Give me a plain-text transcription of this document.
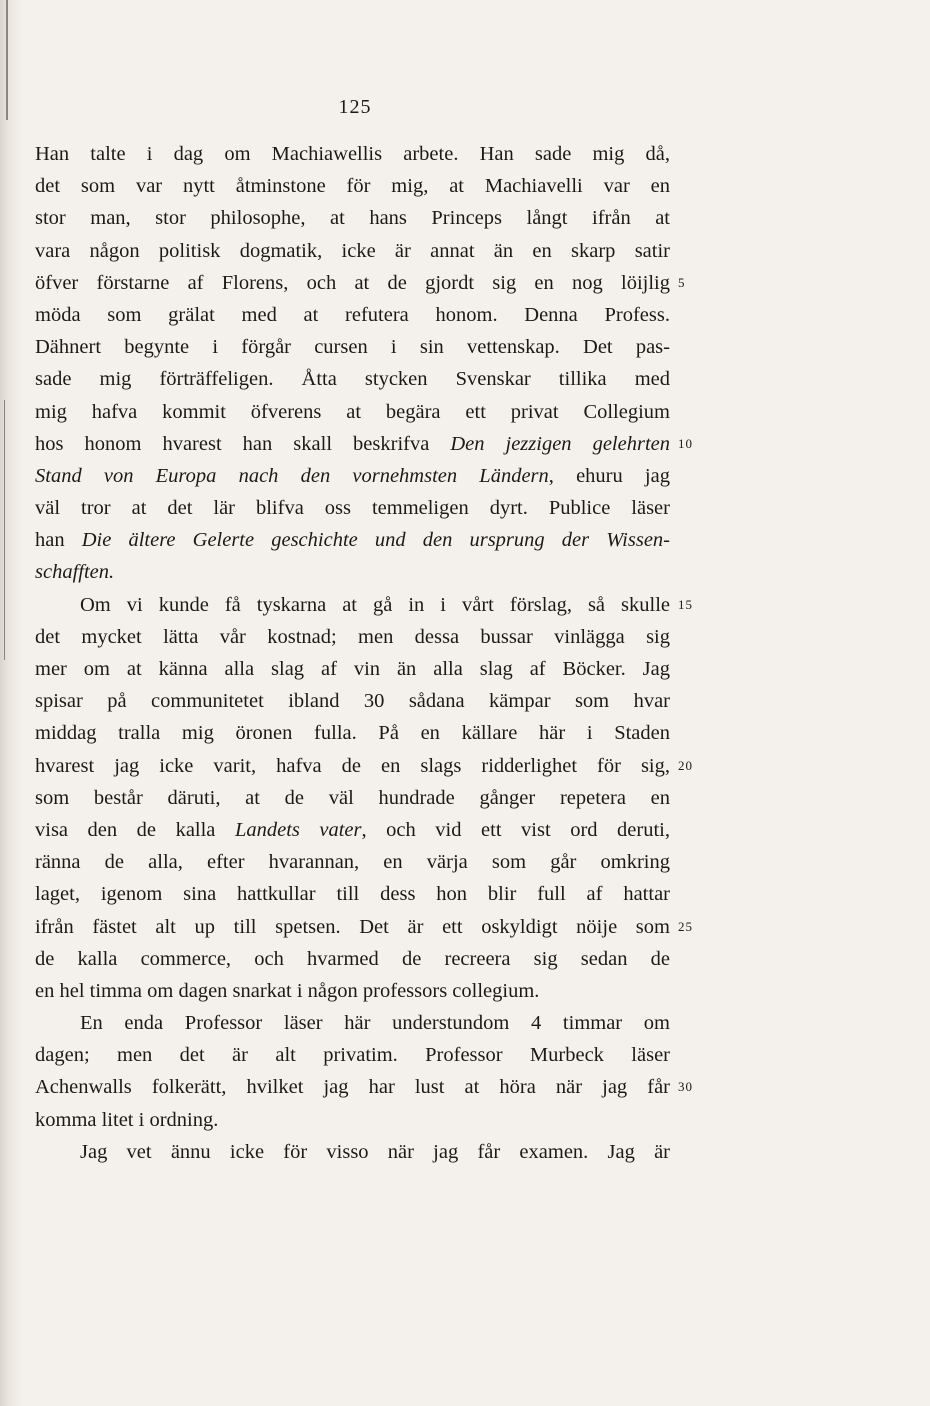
125
Han talte i dag om Machiawellis arbete. Han sade mig då,
det som var nytt åtminstone för mig, at Machiavelli var en
stor man, stor philosophe, at hans Princeps långt ifrån at
vara någon politisk dogmatik, icke är annat än en skarp satir
öfver förstarne af Florens, och at de gjordt sig en nog löijlig 5
möda som grälat med at refutera honom. Denna Profess.
Dähnert begynte i förgår cursen i sin vettenskap. Det pas-
sade mig förträffeligen. Åtta stycken Svenskar tillika med
mig hafva kommit öfverens at begära ett privat Collegium
hos honom hvarest han skall beskrifva Den jezzigen gelehrten 10
Stand von Europa nach den vornehmsten Ländern, ehuru jag
väl tror at det lär blifva oss temmeligen dyrt. Publice läser
han Die ältere Gelerte geschichte und den ursprung der Wissen-
schafften.
Om vi kunde få tyskarna at gå in i vårt förslag, så skulle 15
det mycket lätta vår kostnad; men dessa bussar vinlägga sig
mer om at känna alla slag af vin än alla slag af Böcker. Jag
spisar på communitetet ibland 30 sådana kämpar som hvar
middag tralla mig öronen fulla. På en källare här i Staden
hvarest jag icke varit, hafva de en slags ridderlighet för sig, 20
som består däruti, at de väl hundrade gånger repetera en
visa den de kalla Landets vater, och vid ett vist ord deruti,
ränna de alla, efter hvarannan, en värja som går omkring
laget, igenom sina hattkullar till dess hon blir full af hattar
ifrån fästet alt up till spetsen. Det är ett oskyldigt nöije som 25
de kalla commerce, och hvarmed de recreera sig sedan de
en hel timma om dagen snarkat i någon professors collegium.
En enda Professor läser här understundom 4 timmar om
dagen; men det är alt privatim. Professor Murbeck läser
Achenwalls folkerätt, hvilket jag har lust at höra när jag får 30
komma litet i ordning.
Jag vet ännu icke för visso när jag får examen. Jag är
